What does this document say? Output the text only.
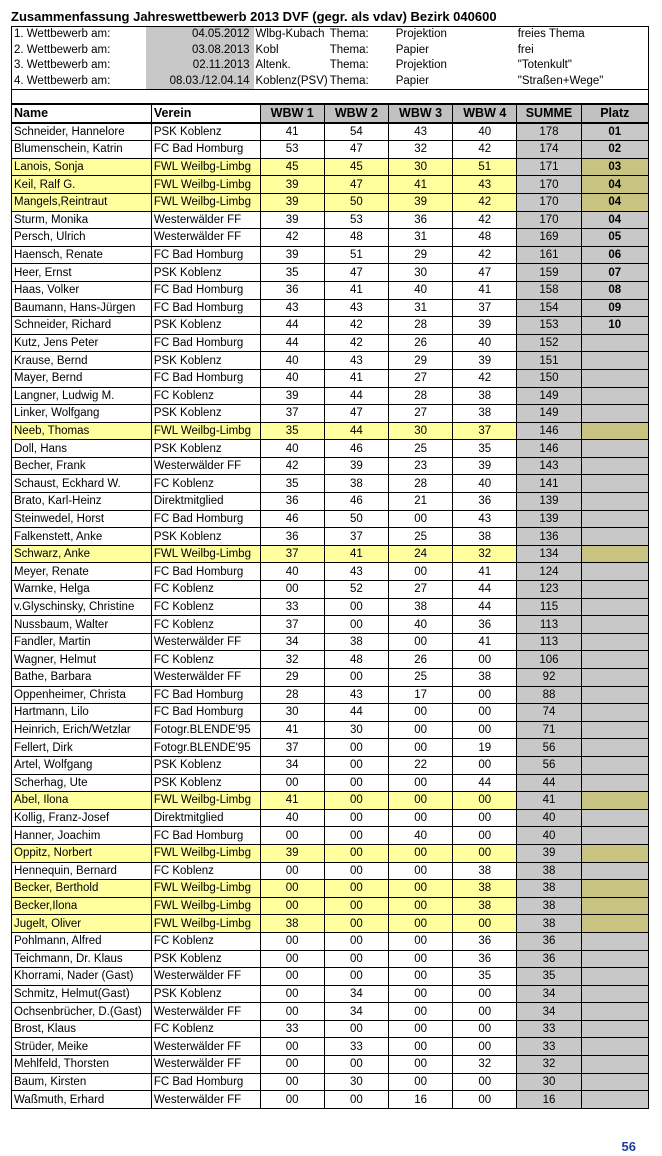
Zusammenfassung Jahreswettbewerb 2013 DVF (gegr. als vdav) Bezirk 040600
1. Wettbewerb am:	04.05.2012	Wlbg-Kubach	Thema:	Projektion	freies Thema
2. Wettbewerb am:	03.08.2013	Kobl	Thema:	Papier	frei
3. Wettbewerb am:	02.11.2013	Altenk.	Thema:	Projektion	"Totenkult"
4. Wettbewerb am:	08.03./12.04.14	Koblenz(PSV)	Thema:	Papier	"Straßen+Wege"
Name	Verein	WBW 1	WBW 2	WBW 3	WBW 4	SUMME	Platz
Schneider, Hannelore	PSK Koblenz	41	54	43	40	178	01
Blumenschein, Katrin	FC Bad Homburg	53	47	32	42	174	02
Lanois, Sonja	FWL Weilbg-Limbg	45	45	30	51	171	03
Keil, Ralf G.	FWL Weilbg-Limbg	39	47	41	43	170	04
Mangels,Reintraut	FWL Weilbg-Limbg	39	50	39	42	170	04
Sturm, Monika	Westerwälder FF	39	53	36	42	170	04
Persch, Ulrich	Westerwälder FF	42	48	31	48	169	05
Haensch, Renate	FC Bad Homburg	39	51	29	42	161	06
Heer, Ernst	PSK Koblenz	35	47	30	47	159	07
Haas, Volker	FC Bad Homburg	36	41	40	41	158	08
Baumann, Hans-Jürgen	FC Bad Homburg	43	43	31	37	154	09
Schneider, Richard	PSK Koblenz	44	42	28	39	153	10
Kutz, Jens Peter	FC Bad Homburg	44	42	26	40	152	
Krause, Bernd	PSK Koblenz	40	43	29	39	151	
Mayer, Bernd	FC Bad Homburg	40	41	27	42	150	
Langner, Ludwig M.	FC Koblenz	39	44	28	38	149	
Linker, Wolfgang	PSK Koblenz	37	47	27	38	149	
Neeb, Thomas	FWL Weilbg-Limbg	35	44	30	37	146	
Doll, Hans	PSK Koblenz	40	46	25	35	146	
Becher, Frank	Westerwälder FF	42	39	23	39	143	
Schaust, Eckhard W.	FC Koblenz	35	38	28	40	141	
Brato, Karl-Heinz	Direktmitglied	36	46	21	36	139	
Steinwedel, Horst	FC Bad Homburg	46	50	00	43	139	
Falkenstett, Anke	PSK Koblenz	36	37	25	38	136	
Schwarz, Anke	FWL Weilbg-Limbg	37	41	24	32	134	
Meyer, Renate	FC Bad Homburg	40	43	00	41	124	
Warnke, Helga	FC Koblenz	00	52	27	44	123	
v.Glyschinsky, Christine	FC Koblenz	33	00	38	44	115	
Nussbaum, Walter	FC Koblenz	37	00	40	36	113	
Fandler, Martin	Westerwälder FF	34	38	00	41	113	
Wagner, Helmut	FC Koblenz	32	48	26	00	106	
Bathe, Barbara	Westerwälder FF	29	00	25	38	92	
Oppenheimer, Christa	FC Bad Homburg	28	43	17	00	88	
Hartmann, Lilo	FC Bad Homburg	30	44	00	00	74	
Heinrich, Erich/Wetzlar	Fotogr.BLENDE'95	41	30	00	00	71	
Fellert, Dirk	Fotogr.BLENDE'95	37	00	00	19	56	
Artel, Wolfgang	PSK Koblenz	34	00	22	00	56	
Scherhag, Ute	PSK Koblenz	00	00	00	44	44	
Abel, Ilona	FWL Weilbg-Limbg	41	00	00	00	41	
Kollig, Franz-Josef	Direktmitglied	40	00	00	00	40	
Hanner, Joachim	FC Bad Homburg	00	00	40	00	40	
Oppitz, Norbert	FWL Weilbg-Limbg	39	00	00	00	39	
Hennequin, Bernard	FC Koblenz	00	00	00	38	38	
Becker, Berthold	FWL Weilbg-Limbg	00	00	00	38	38	
Becker,Ilona	FWL Weilbg-Limbg	00	00	00	38	38	
Jugelt, Oliver	FWL Weilbg-Limbg	38	00	00	00	38	
Pohlmann, Alfred	FC Koblenz	00	00	00	36	36	
Teichmann, Dr. Klaus	PSK Koblenz	00	00	00	36	36	
Khorrami, Nader (Gast)	Westerwälder FF	00	00	00	35	35	
Schmitz, Helmut(Gast)	PSK Koblenz	00	34	00	00	34	
Ochsenbrücher, D.(Gast)	Westerwälder FF	00	34	00	00	34	
Brost, Klaus	FC Koblenz	33	00	00	00	33	
Strüder, Meike	Westerwälder FF	00	33	00	00	33	
Mehlfeld, Thorsten	Westerwälder FF	00	00	00	32	32	
Baum, Kirsten	FC Bad Homburg	00	30	00	00	30	
Waßmuth, Erhard	Westerwälder FF	00	00	16	00	16	
56
